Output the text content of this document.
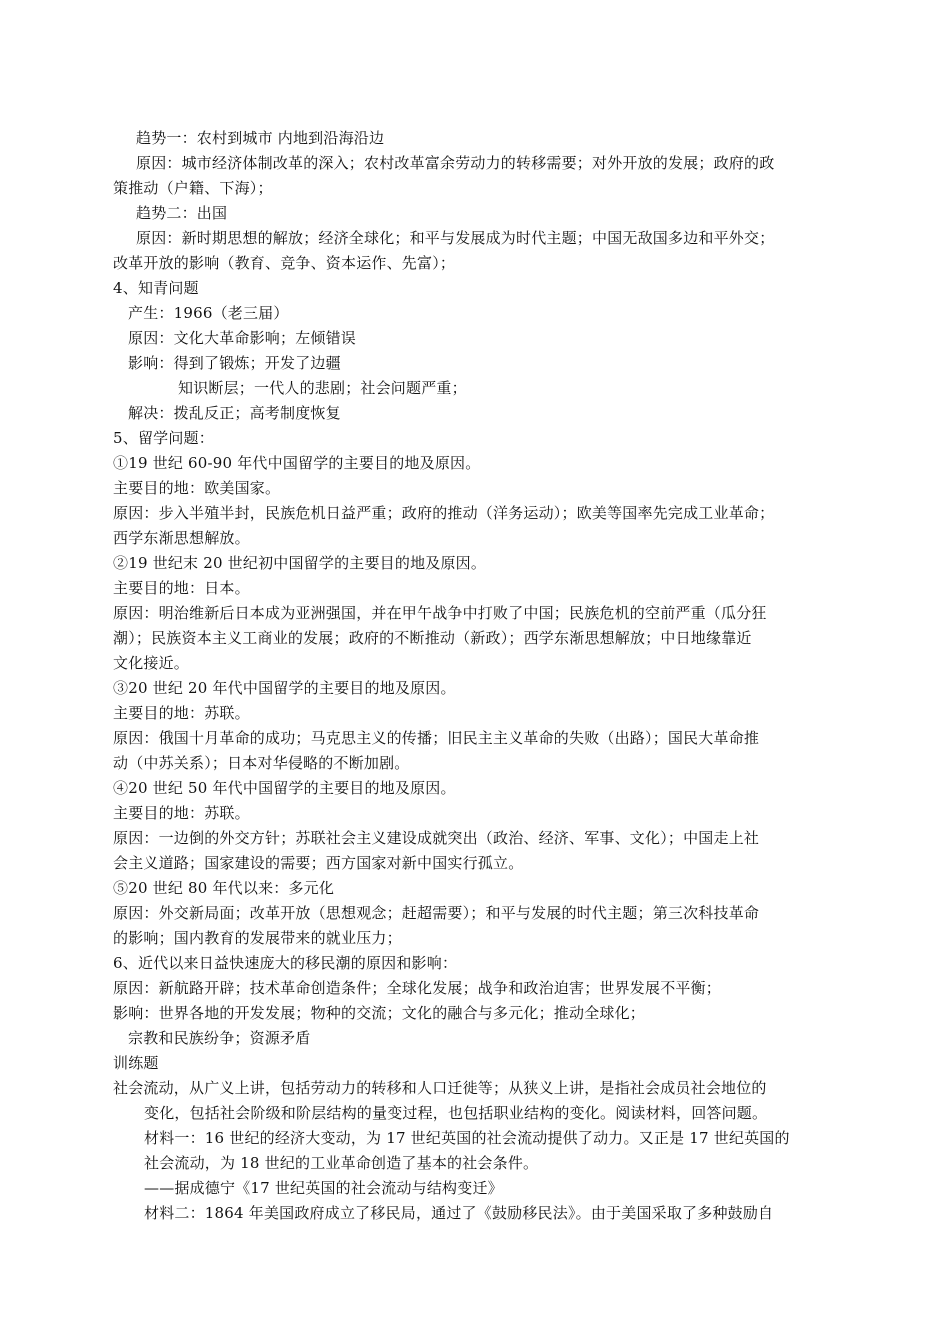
趋势一：农村到城市 内地到沿海沿边
原因：城市经济体制改革的深入；农村改革富余劳动力的转移需要；对外开放的发展；政府的政
策推动（户籍、下海）；
趋势二：出国
原因：新时期思想的解放；经济全球化；和平与发展成为时代主题；中国无敌国多边和平外交；
改革开放的影响（教育、竞争、资本运作、先富）；
4、知青问题
产生：1966（老三届）
原因：文化大革命影响；左倾错误
影响：得到了锻炼；开发了边疆
知识断层；一代人的悲剧；社会问题严重；
解决：拨乱反正；高考制度恢复
5、留学问题：
①19 世纪 60-90 年代中国留学的主要目的地及原因。
主要目的地：欧美国家。
原因：步入半殖半封，民族危机日益严重；政府的推动（洋务运动）；欧美等国率先完成工业革命；
西学东渐思想解放。
②19 世纪末 20 世纪初中国留学的主要目的地及原因。
主要目的地：日本。
原因：明治维新后日本成为亚洲强国，并在甲午战争中打败了中国；民族危机的空前严重（瓜分狂
潮）；民族资本主义工商业的发展；政府的不断推动（新政）；西学东渐思想解放；中日地缘靠近
文化接近。
③20 世纪 20 年代中国留学的主要目的地及原因。
主要目的地：苏联。
原因：俄国十月革命的成功；马克思主义的传播；旧民主主义革命的失败（出路）；国民大革命推
动（中苏关系）；日本对华侵略的不断加剧。
④20 世纪 50 年代中国留学的主要目的地及原因。
主要目的地：苏联。
原因：一边倒的外交方针；苏联社会主义建设成就突出（政治、经济、军事、文化）；中国走上社
会主义道路；国家建设的需要；西方国家对新中国实行孤立。
⑤20 世纪 80 年代以来：多元化
原因：外交新局面；改革开放（思想观念；赶超需要）；和平与发展的时代主题；第三次科技革命
的影响；国内教育的发展带来的就业压力；
6、近代以来日益快速庞大的移民潮的原因和影响：
原因：新航路开辟；技术革命创造条件；全球化发展；战争和政治迫害；世界发展不平衡；
影响：世界各地的开发发展；物种的交流；文化的融合与多元化；推动全球化；
宗教和民族纷争；资源矛盾
训练题
社会流动，从广义上讲，包括劳动力的转移和人口迁徙等；从狭义上讲，是指社会成员社会地位的
变化，包括社会阶级和阶层结构的量变过程，也包括职业结构的变化。阅读材料，回答问题。
材料一：16 世纪的经济大变动，为 17 世纪英国的社会流动提供了动力。又正是 17 世纪英国的
社会流动，为 18 世纪的工业革命创造了基本的社会条件。
——据成德宁《17 世纪英国的社会流动与结构变迁》
材料二：1864 年美国政府成立了移民局，通过了《鼓励移民法》。由于美国采取了多种鼓励自
